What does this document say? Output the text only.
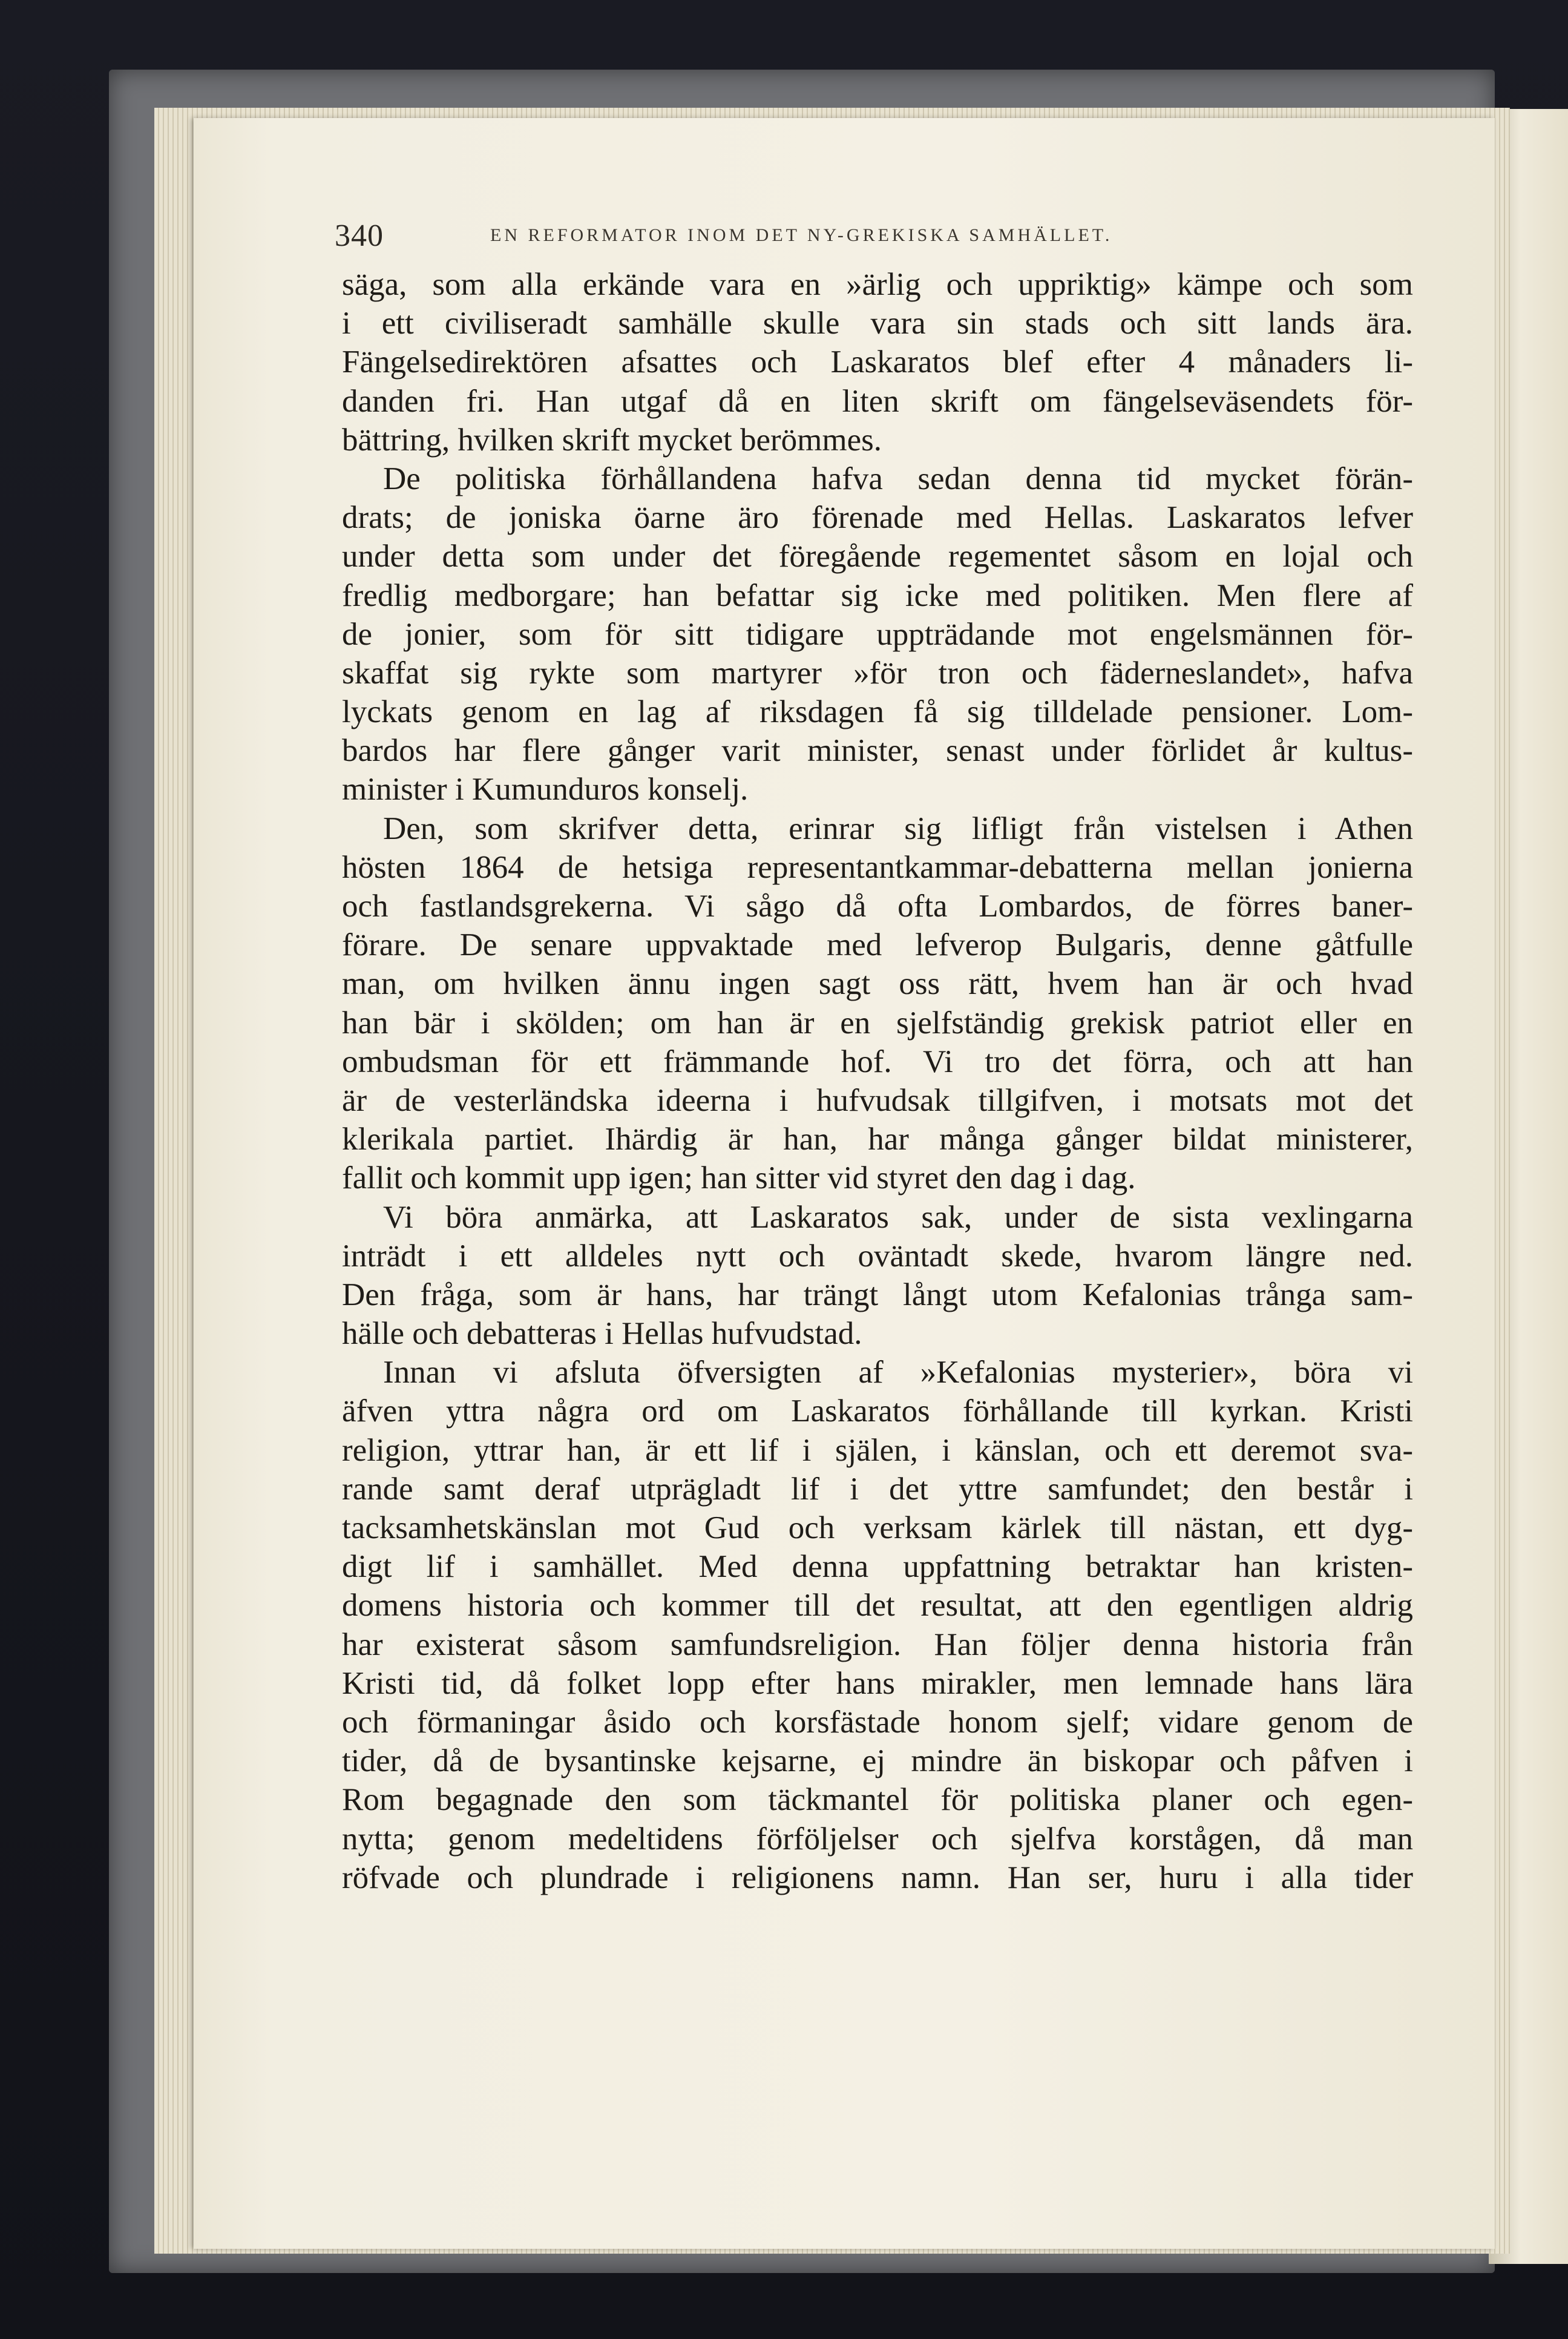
340	EN REFORMATOR INOM DET NY-GREKISKA SAMHÄLLET.
säga, som alla erkände vara en »ärlig och uppriktig» kämpe och som
i ett civiliseradt samhälle skulle vara sin stads och sitt lands ära.
Fängelsedirektören afsattes och Laskaratos blef efter 4 månaders li-
danden fri. Han utgaf då en liten skrift om fängelseväsendets för-
bättring, hvilken skrift mycket berömmes.
De politiska förhållandena hafva sedan denna tid mycket förän-
drats; de joniska öarne äro förenade med Hellas. Laskaratos lefver
under detta som under det föregående regementet såsom en lojal och
fredlig medborgare; han befattar sig icke med politiken. Men flere af
de jonier, som för sitt tidigare uppträdande mot engelsmännen för-
skaffat sig rykte som martyrer »för tron och fäderneslandet», hafva
lyckats genom en lag af riksdagen få sig tilldelade pensioner. Lom-
bardos har flere gånger varit minister, senast under förlidet år kultus-
minister i Kumunduros konselj.
Den, som skrifver detta, erinrar sig lifligt från vistelsen i Athen
hösten 1864 de hetsiga representantkammar-debatterna mellan jonierna
och fastlandsgrekerna. Vi sågo då ofta Lombardos, de förres baner-
förare. De senare uppvaktade med lefverop Bulgaris, denne gåtfulle
man, om hvilken ännu ingen sagt oss rätt, hvem han är och hvad
han bär i skölden; om han är en sjelfständig grekisk patriot eller en
ombudsman för ett främmande hof. Vi tro det förra, och att han
är de vesterländska ideerna i hufvudsak tillgifven, i motsats mot det
klerikala partiet. Ihärdig är han, har många gånger bildat ministerer,
fallit och kommit upp igen; han sitter vid styret den dag i dag.
Vi böra anmärka, att Laskaratos sak, under de sista vexlingarna
inträdt i ett alldeles nytt och oväntadt skede, hvarom längre ned.
Den fråga, som är hans, har trängt långt utom Kefalonias trånga sam-
hälle och debatteras i Hellas hufvudstad.
Innan vi afsluta öfversigten af »Kefalonias mysterier», böra vi
äfven yttra några ord om Laskaratos förhållande till kyrkan. Kristi
religion, yttrar han, är ett lif i själen, i känslan, och ett deremot sva-
rande samt deraf utprägladt lif i det yttre samfundet; den består i
tacksamhetskänslan mot Gud och verksam kärlek till nästan, ett dyg-
digt lif i samhället. Med denna uppfattning betraktar han kristen-
domens historia och kommer till det resultat, att den egentligen aldrig
har existerat såsom samfundsreligion. Han följer denna historia från
Kristi tid, då folket lopp efter hans mirakler, men lemnade hans lära
och förmaningar åsido och korsfästade honom sjelf; vidare genom de
tider, då de bysantinske kejsarne, ej mindre än biskopar och påfven i
Rom begagnade den som täckmantel för politiska planer och egen-
nytta; genom medeltidens förföljelser och sjelfva korstågen, då man
röfvade och plundrade i religionens namn. Han ser, huru i alla tider
